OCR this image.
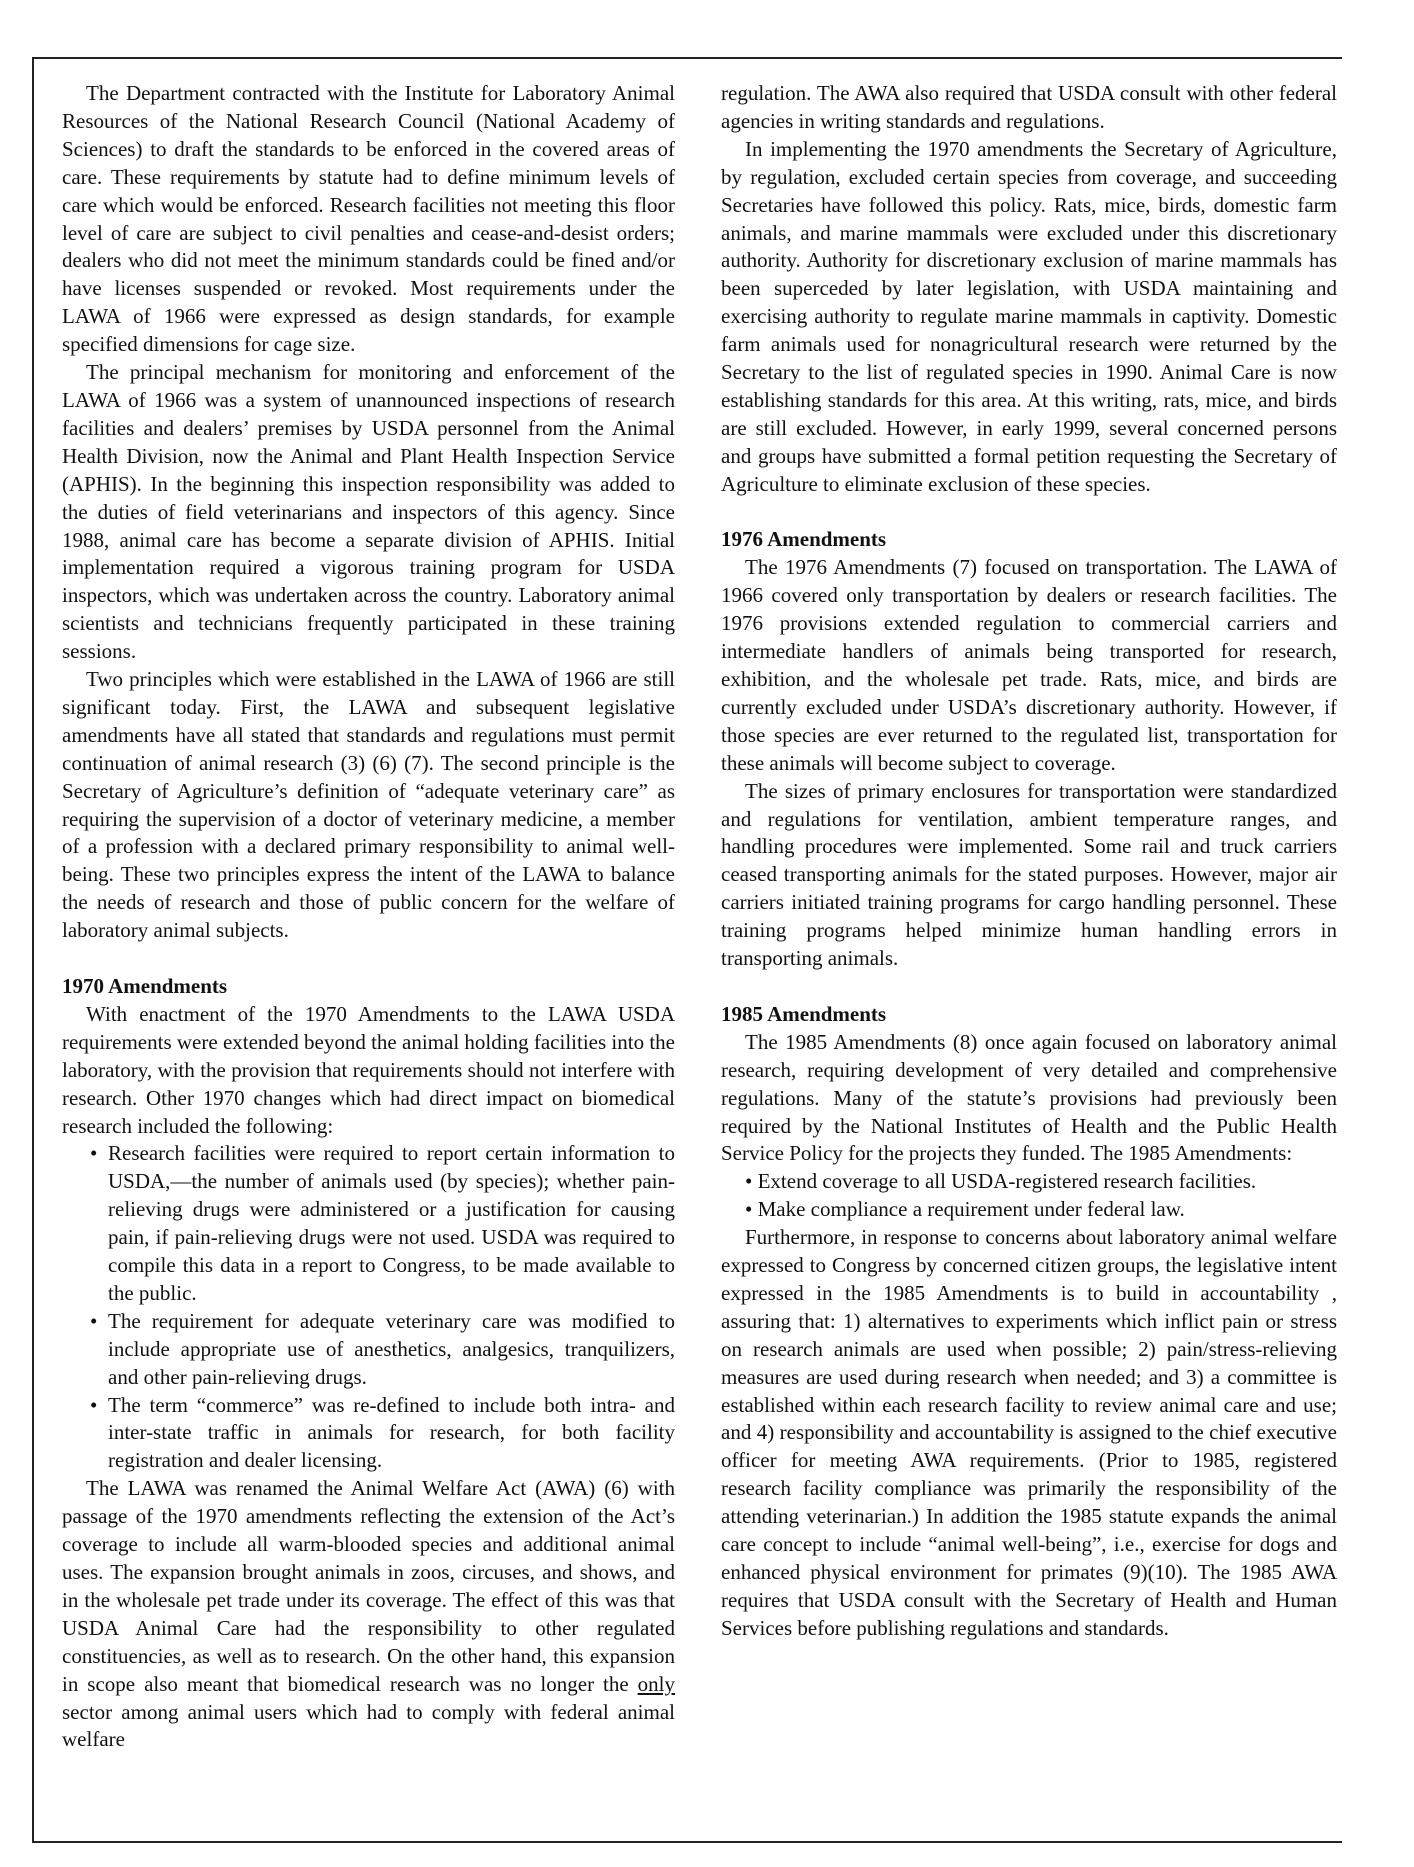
The Department contracted with the Institute for Laboratory Animal Resources of the National Research Council (National Academy of Sciences) to draft the standards to be enforced in the covered areas of care. These requirements by statute had to define minimum levels of care which would be enforced. Research facilities not meeting this floor level of care are subject to civil penalties and cease-and-desist orders; dealers who did not meet the minimum standards could be fined and/or have licenses suspended or revoked. Most requirements under the LAWA of 1966 were expressed as design standards, for example specified dimensions for cage size.

The principal mechanism for monitoring and enforcement of the LAWA of 1966 was a system of unannounced inspections of research facilities and dealers’ premises by USDA personnel from the Animal Health Division, now the Animal and Plant Health Inspection Service (APHIS). In the beginning this inspection responsibility was added to the duties of field veterinarians and inspectors of this agency. Since 1988, animal care has become a separate division of APHIS. Initial implementation required a vigorous training program for USDA inspectors, which was undertaken across the country. Laboratory animal scientists and technicians frequently participated in these training sessions.

Two principles which were established in the LAWA of 1966 are still significant today. First, the LAWA and subsequent legislative amendments have all stated that standards and regulations must permit continuation of animal research (3) (6) (7). The second principle is the Secretary of Agriculture’s definition of “adequate veterinary care” as requiring the supervision of a doctor of veterinary medicine, a member of a profession with a declared primary responsibility to animal well-being. These two principles express the intent of the LAWA to balance the needs of research and those of public concern for the welfare of laboratory animal subjects.

1970 Amendments

With enactment of the 1970 Amendments to the LAWA USDA requirements were extended beyond the animal holding facilities into the laboratory, with the provision that requirements should not interfere with research. Other 1970 changes which had direct impact on biomedical research included the following:

• Research facilities were required to report certain information to USDA,—the number of animals used (by species); whether pain-relieving drugs were administered or a justification for causing pain, if pain-relieving drugs were not used. USDA was required to compile this data in a report to Congress, to be made available to the public.
• The requirement for adequate veterinary care was modified to include appropriate use of anesthetics, analgesics, tranquilizers, and other pain-relieving drugs.
• The term “commerce” was re-defined to include both intra- and inter-state traffic in animals for research, for both facility registration and dealer licensing.

The LAWA was renamed the Animal Welfare Act (AWA) (6) with passage of the 1970 amendments reflecting the extension of the Act’s coverage to include all warm-blooded species and additional animal uses. The expansion brought animals in zoos, circuses, and shows, and in the wholesale pet trade under its coverage. The effect of this was that USDA Animal Care had the responsibility to other regulated constituencies, as well as to research. On the other hand, this expansion in scope also meant that biomedical research was no longer the only sector among animal users which had to comply with federal animal welfare

regulation. The AWA also required that USDA consult with other federal agencies in writing standards and regulations.

In implementing the 1970 amendments the Secretary of Agriculture, by regulation, excluded certain species from coverage, and succeeding Secretaries have followed this policy. Rats, mice, birds, domestic farm animals, and marine mammals were excluded under this discretionary authority. Authority for discretionary exclusion of marine mammals has been superceded by later legislation, with USDA maintaining and exercising authority to regulate marine mammals in captivity. Domestic farm animals used for nonagricultural research were returned by the Secretary to the list of regulated species in 1990. Animal Care is now establishing standards for this area. At this writing, rats, mice, and birds are still excluded. However, in early 1999, several concerned persons and groups have submitted a formal petition requesting the Secretary of Agriculture to eliminate exclusion of these species.

1976 Amendments

The 1976 Amendments (7) focused on transportation. The LAWA of 1966 covered only transportation by dealers or research facilities. The 1976 provisions extended regulation to commercial carriers and intermediate handlers of animals being transported for research, exhibition, and the wholesale pet trade. Rats, mice, and birds are currently excluded under USDA’s discretionary authority. However, if those species are ever returned to the regulated list, transportation for these animals will become subject to coverage.

The sizes of primary enclosures for transportation were standardized and regulations for ventilation, ambient temperature ranges, and handling procedures were implemented. Some rail and truck carriers ceased transporting animals for the stated purposes. However, major air carriers initiated training programs for cargo handling personnel. These training programs helped minimize human handling errors in transporting animals.

1985 Amendments

The 1985 Amendments (8) once again focused on laboratory animal research, requiring development of very detailed and comprehensive regulations. Many of the statute’s provisions had previously been required by the National Institutes of Health and the Public Health Service Policy for the projects they funded. The 1985 Amendments:

• Extend coverage to all USDA-registered research facilities.
• Make compliance a requirement under federal law.

Furthermore, in response to concerns about laboratory animal welfare expressed to Congress by concerned citizen groups, the legislative intent expressed in the 1985 Amendments is to build in accountability , assuring that: 1) alternatives to experiments which inflict pain or stress on research animals are used when possible; 2) pain/stress-relieving measures are used during research when needed; and 3) a committee is established within each research facility to review animal care and use; and 4) responsibility and accountability is assigned to the chief executive officer for meeting AWA requirements. (Prior to 1985, registered research facility compliance was primarily the responsibility of the attending veterinarian.) In addition the 1985 statute expands the animal care concept to include “animal well-being”, i.e., exercise for dogs and enhanced physical environment for primates (9)(10). The 1985 AWA requires that USDA consult with the Secretary of Health and Human Services before publishing regulations and standards.
